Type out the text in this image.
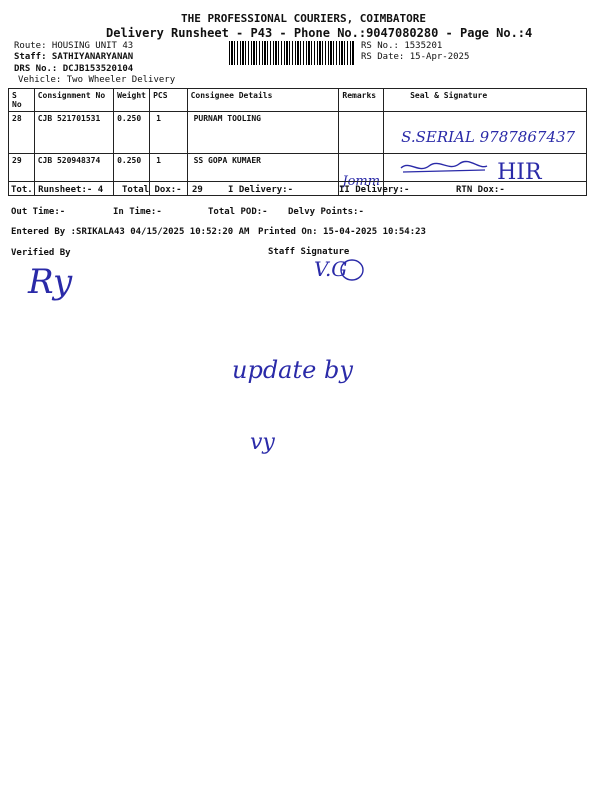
THE PROFESSIONAL COURIERS, COIMBATORE
Delivery Runsheet - P43 - Phone No.:9047080280 - Page No.:4
Route: HOUSING UNIT 43
Staff: SATHIYANARYANAN
DRS No.: DCJB153520104
Vehicle: Two Wheeler Delivery
RS No.: 1535201
RS Date: 15-Apr-2025
S No	Consignment No	Weight	PCS	Consignee Details	Remarks	Seal & Signature
28	CJB 521701531	0.250	1	PURNAM TOOLING		S.SERIAL 9787867437
29	CJB 520948374	0.250	1	SS GOPA KUMAER	Jomm	HIR
Tot. Runsheet:- 4 Total Dox:- 29	I Delivery:-	II Delivery:-	RTN Dox:-
Out Time:-	In Time:-	Total POD:- Delvy Points:-
Entered By :SRIKALA43 04/15/2025 10:52:20 AM Printed On: 15-04-2025 10:54:23
Verified By	Staff Signature
Ry	V.G
update by
vy
